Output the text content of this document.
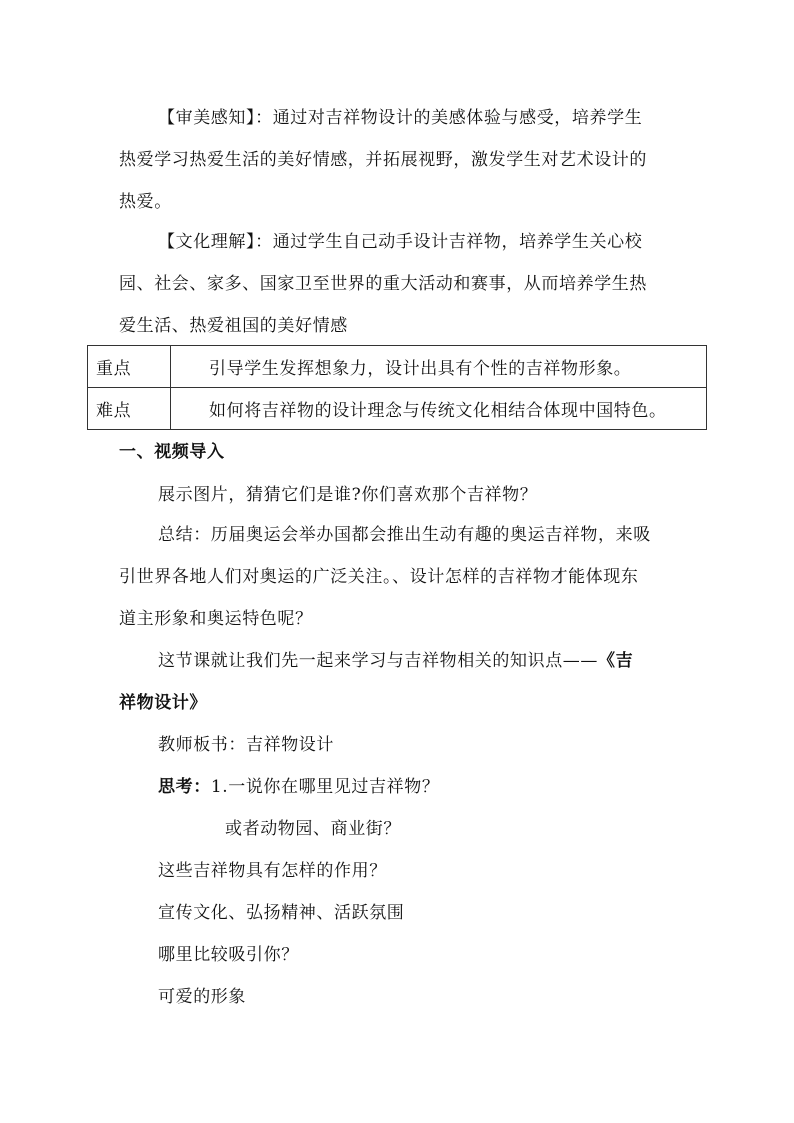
【审美感知】：通过对吉祥物设计的美感体验与感受，培养学生
热爱学习热爱生活的美好情感，并拓展视野，激发学生对艺术设计的
热爱。
【文化理解】：通过学生自己动手设计吉祥物，培养学生关心校
园、社会、家多、国家卫至世界的重大活动和赛事，从而培养学生热
爱生活、热爱祖国的美好情感
重点	引导学生发挥想象力，设计出具有个性的吉祥物形象。
难点	如何将吉祥物的设计理念与传统文化相结合体现中国特色。
一、视频导入
展示图片，猜猜它们是谁?你们喜欢那个吉祥物？
总结：历届奥运会举办国都会推出生动有趣的奥运吉祥物，来吸
引世界各地人们对奥运的广泛关注。、设计怎样的吉祥物才能体现东
道主形象和奥运特色呢？
这节课就让我们先一起来学习与吉祥物相关的知识点——《吉
祥物设计》
教师板书：吉祥物设计
思考：1.一说你在哪里见过吉祥物？
或者动物园、商业街？
这些吉祥物具有怎样的作用？
宣传文化、弘扬精神、活跃氛围
哪里比较吸引你？
可爱的形象
